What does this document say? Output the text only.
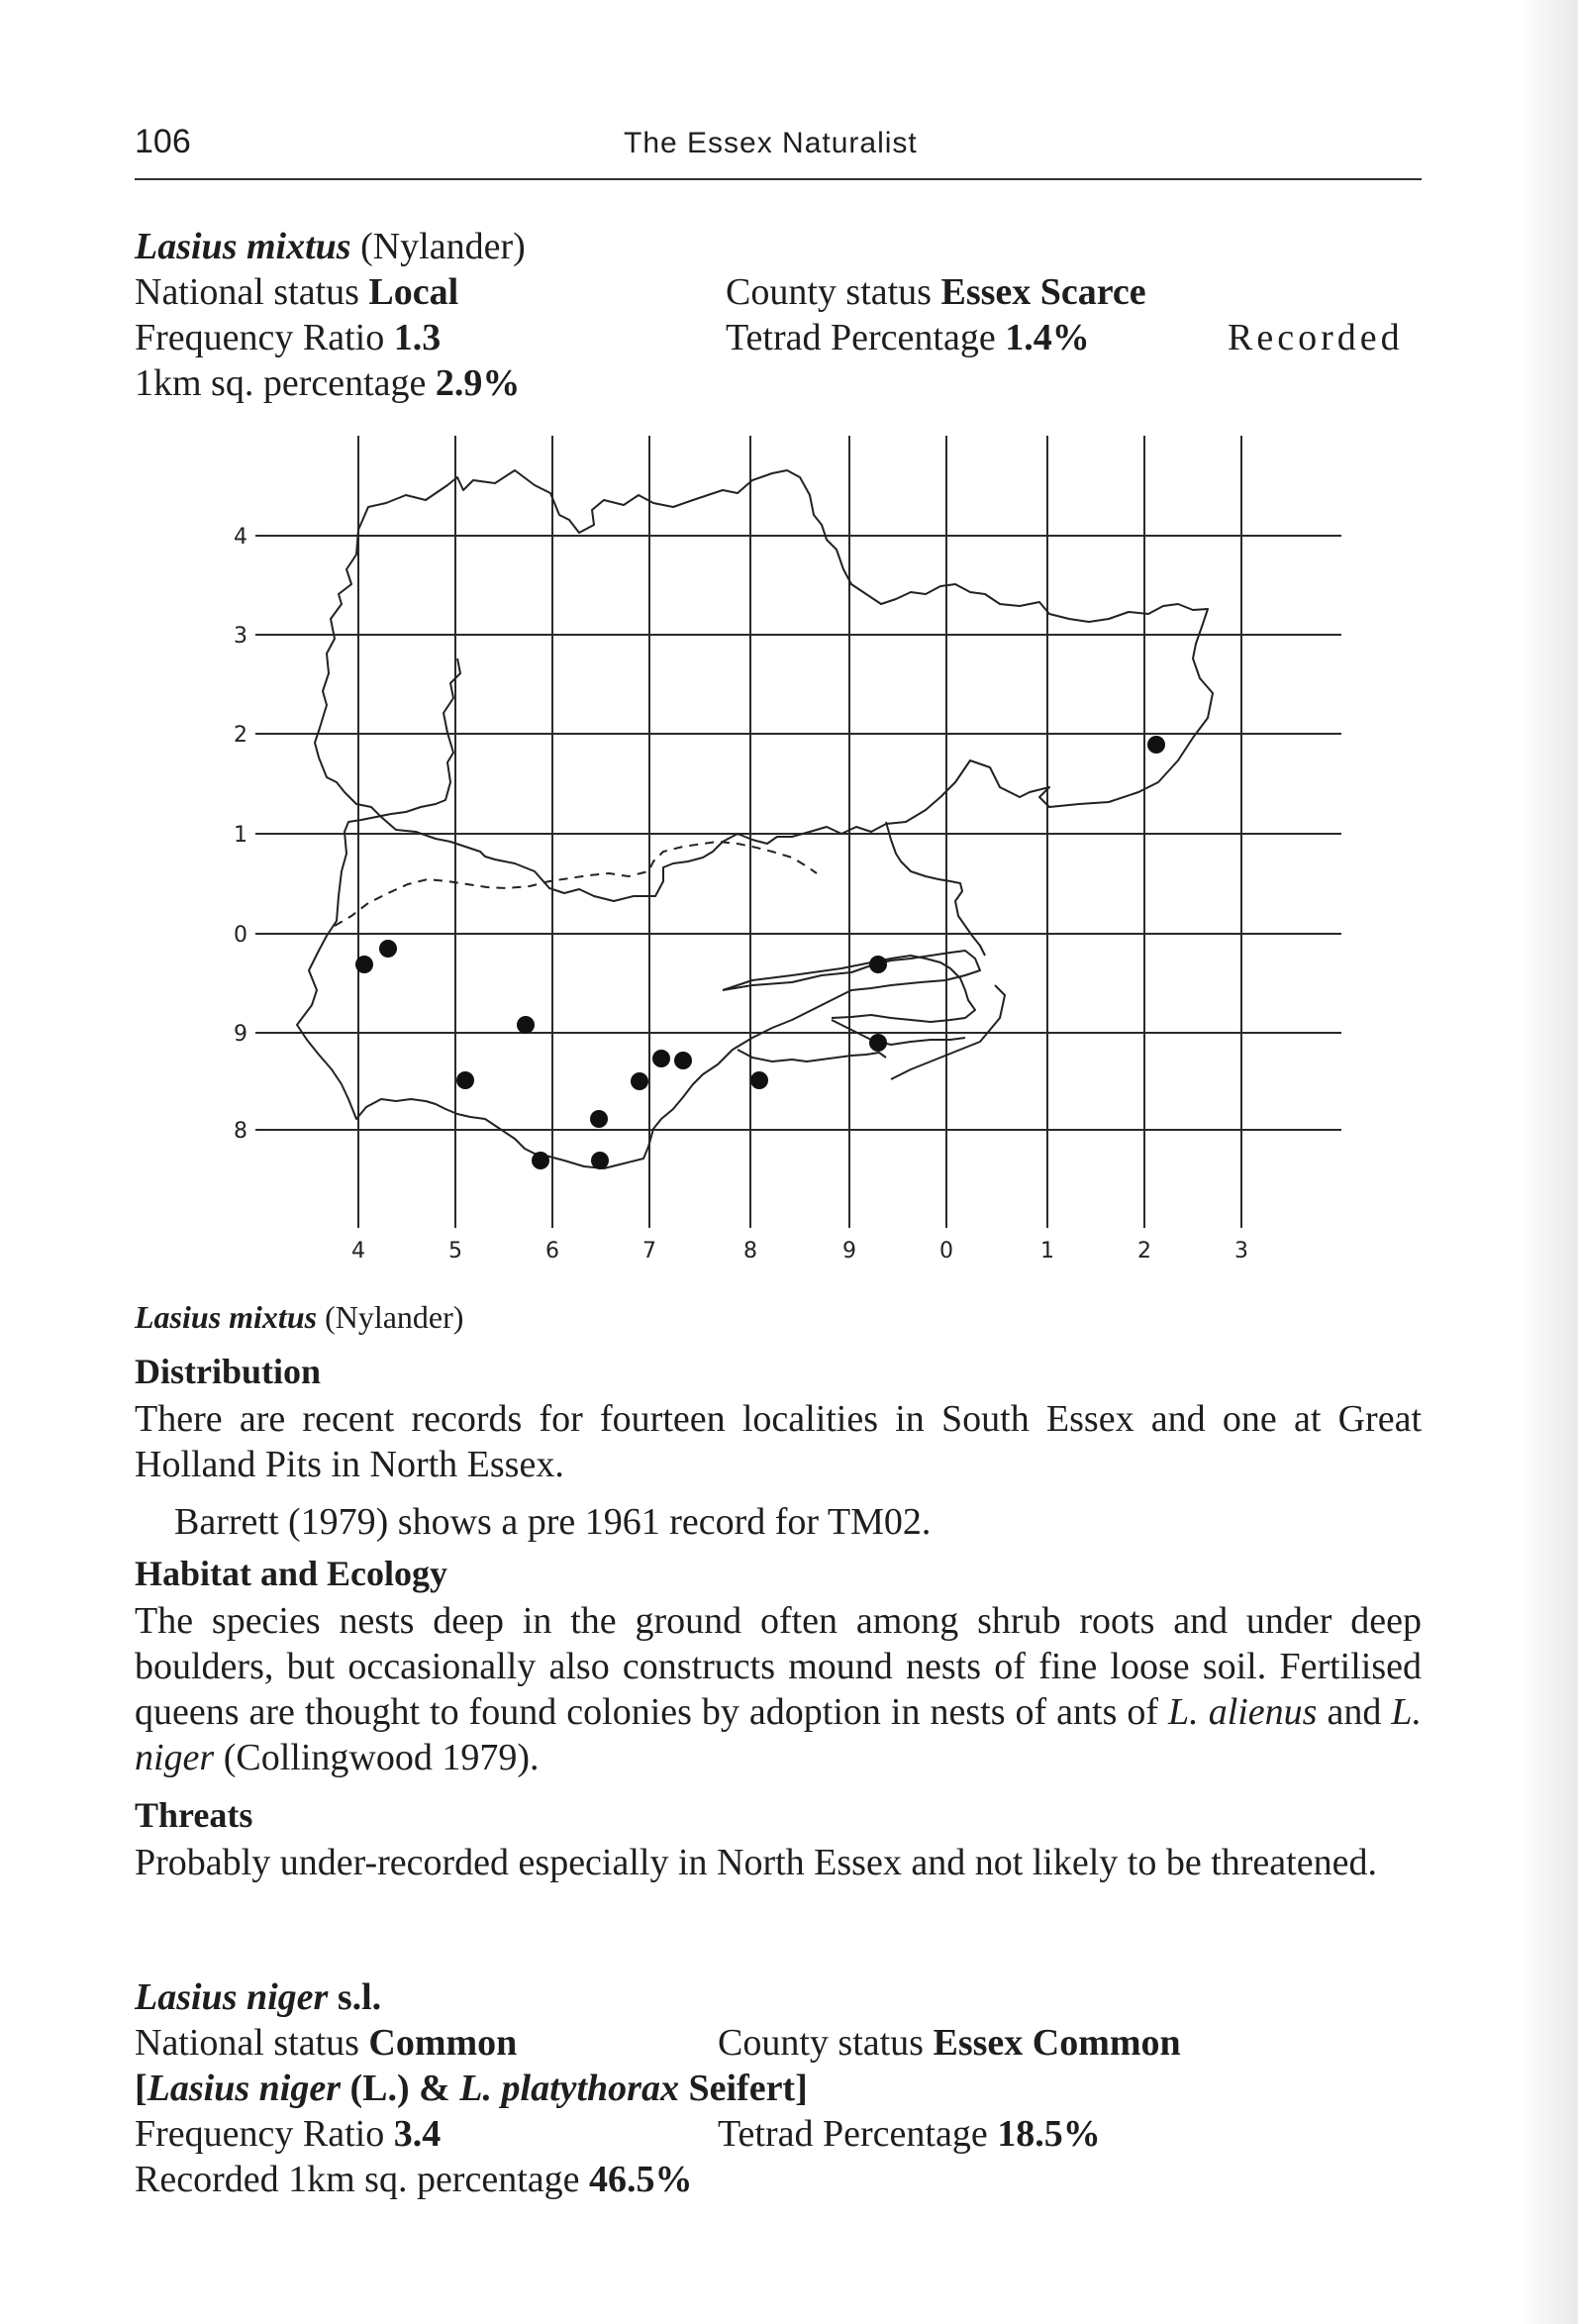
106	The Essex Naturalist
Lasius mixtus (Nylander)
National status Local	County status Essex Scarce
Frequency Ratio 1.3	Tetrad Percentage 1.4%	Recorded
1km sq. percentage 2.9%
4
3
2
1
0
9
8
4	5	6	7	8	9	0	1	2	3
Lasius mixtus (Nylander)
Distribution
There are recent records for fourteen localities in South Essex and one at Great Holland Pits in North Essex.
Barrett (1979) shows a pre 1961 record for TM02.
Habitat and Ecology
The species nests deep in the ground often among shrub roots and under deep boulders, but occasionally also constructs mound nests of fine loose soil. Fertilised queens are thought to found colonies by adoption in nests of ants of L. alienus and L. niger (Collingwood 1979).
Threats
Probably under-recorded especially in North Essex and not likely to be threatened.
Lasius niger s.l.
National status Common	County status Essex Common
[Lasius niger (L.) & L. platythorax Seifert]
Frequency Ratio 3.4	Tetrad Percentage 18.5%
Recorded 1km sq. percentage 46.5%
